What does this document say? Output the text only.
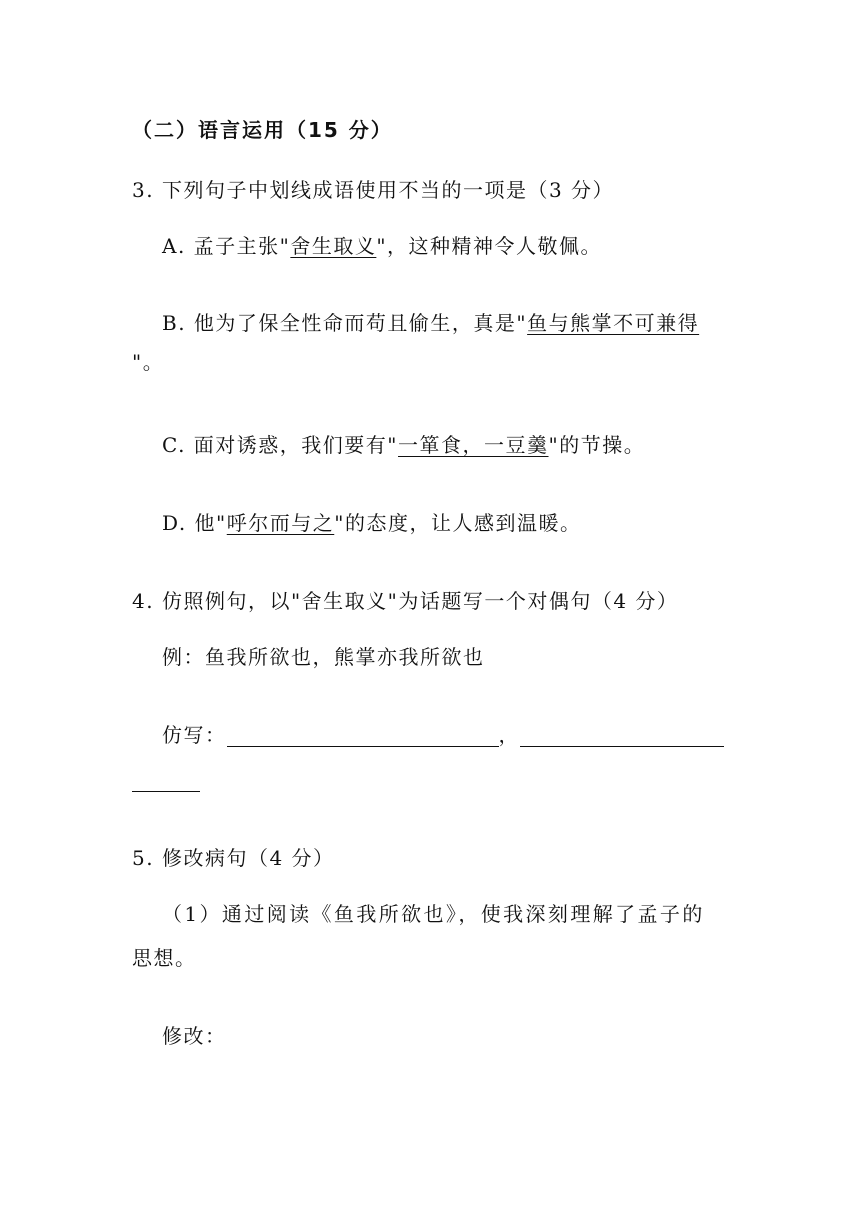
（二）语言运用（15 分）
3. 下列句子中划线成语使用不当的一项是（3 分）
A. 孟子主张"舍生取义"，这种精神令人敬佩。
B. 他为了保全性命而苟且偷生，真是"鱼与熊掌不可兼得
"。
C. 面对诱惑，我们要有"一箪食，一豆羹"的节操。
D. 他"呼尔而与之"的态度，让人感到温暖。
4. 仿照例句，以"舍生取义"为话题写一个对偶句（4 分）
例：鱼我所欲也，熊掌亦我所欲也
仿写：	，
5. 修改病句（4 分）
（1）通过阅读《鱼我所欲也》，使我深刻理解了孟子的
思想。
修改：
